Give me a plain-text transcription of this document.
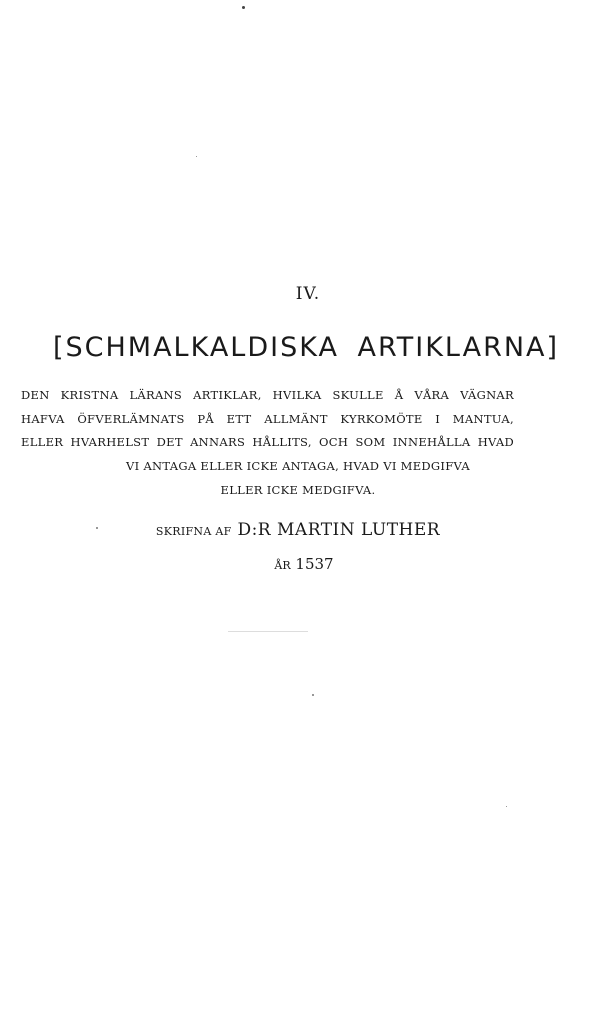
IV.
[SCHMALKALDISKA ARTIKLARNA]
DEN KRISTNA LÄRANS ARTIKLAR, HVILKA SKULLE Å VÅRA VÄGNAR
HAFVA ÖFVERLÄMNATS PÅ ETT ALLMÄNT KYRKOMÖTE I MANTUA,
ELLER HVARHELST DET ANNARS HÅLLITS, OCH SOM INNEHÅLLA HVAD
VI ANTAGA ELLER ICKE ANTAGA, HVAD VI MEDGIFVA
ELLER ICKE MEDGIFVA.
SKRIFNA AF D:R MARTIN LUTHER
ÅR 1537
